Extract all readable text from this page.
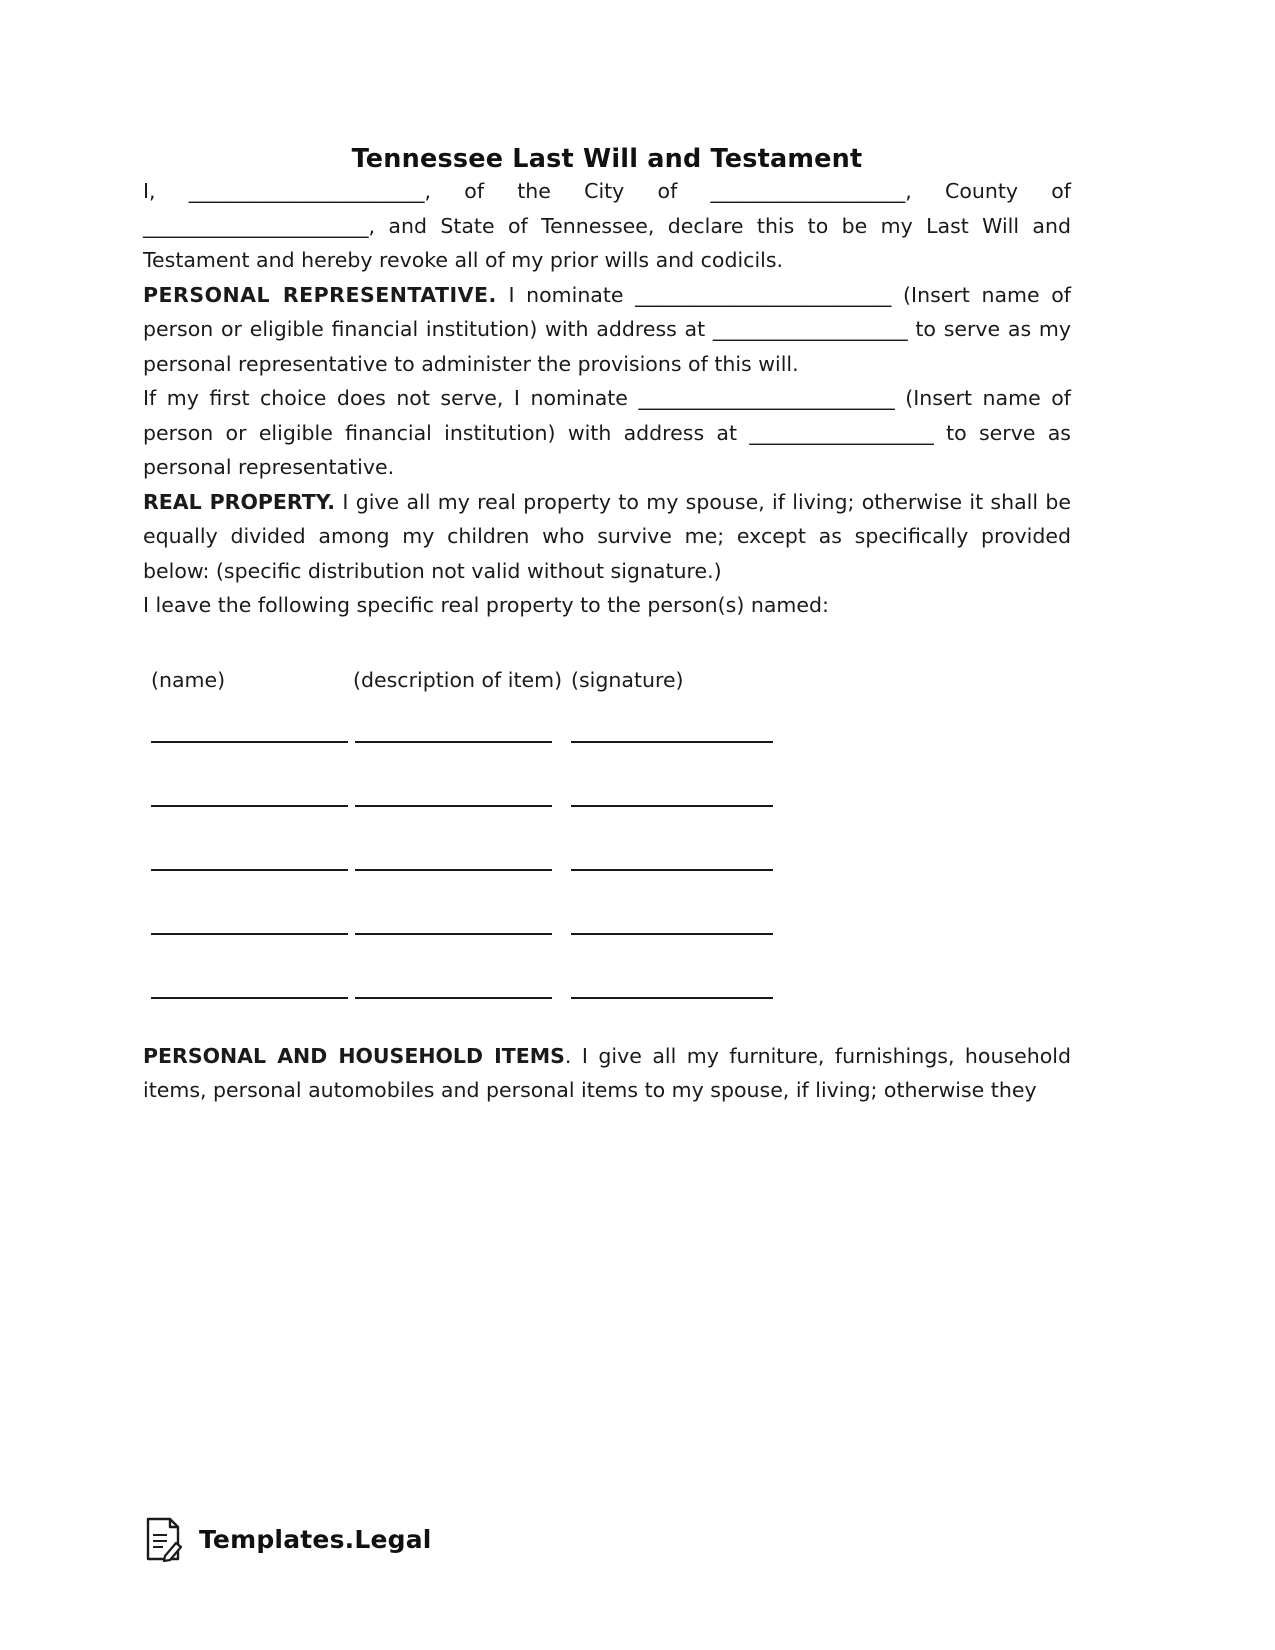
Tennessee Last Will and Testament

I, _______________________, of the City of ___________________, County of ______________________, and State of Tennessee, declare this to be my Last Will and Testament and hereby revoke all of my prior wills and codicils.

PERSONAL REPRESENTATIVE. I nominate _________________________ (Insert name of person or eligible financial institution) with address at ___________________ to serve as my personal representative to administer the provisions of this will.

If my first choice does not serve, I nominate _________________________ (Insert name of person or eligible financial institution) with address at __________________ to serve as personal representative.

REAL PROPERTY. I give all my real property to my spouse, if living; otherwise it shall be equally divided among my children who survive me; except as specifically provided below: (specific distribution not valid without signature.)

I leave the following specific real property to the person(s) named:

(name)	(description of item) (signature)

PERSONAL AND HOUSEHOLD ITEMS. I give all my furniture, furnishings, household items, personal automobiles and personal items to my spouse, if living; otherwise they

Templates.Legal
